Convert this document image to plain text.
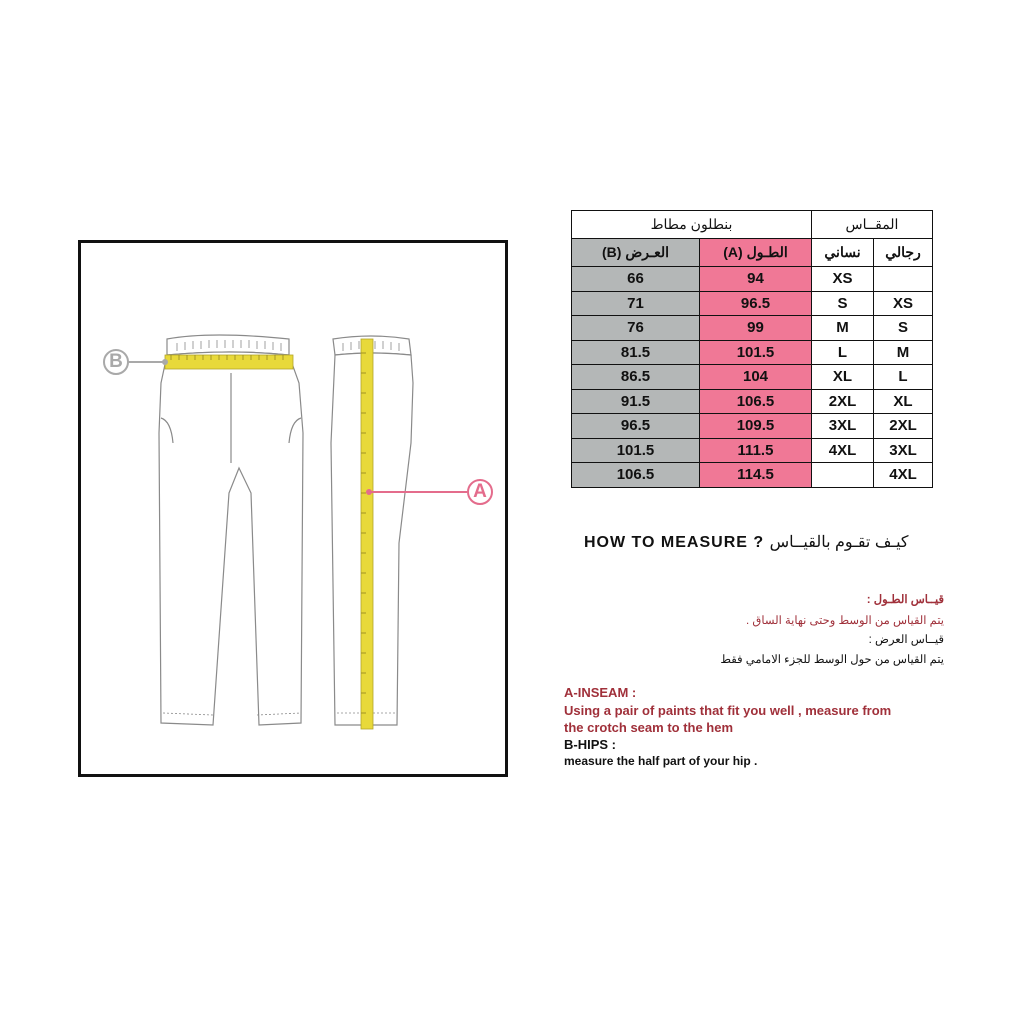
B
A
بنطلون مطاط		المقــاس	
العـرض (B)	الطـول (A)	نساني	رجالي
66	94	XS	
71	96.5	S	XS
76	99	M	S
81.5	101.5	L	M
86.5	104	XL	L
91.5	106.5	2XL	XL
96.5	109.5	3XL	2XL
101.5	111.5	4XL	3XL
106.5	114.5		4XL
HOW TO MEASURE ? كيـف تقـوم بالقيــاس
قيــاس الطـول :
يتم القياس من الوسط وحتى نهاية الساق .
قيــاس العرض :
يتم القياس من حول الوسط للجزء الامامي فقط
A-INSEAM :
Using a pair of paints that fit you well , measure from
the crotch seam to the hem
B-HIPS :
measure the half part of your hip .
